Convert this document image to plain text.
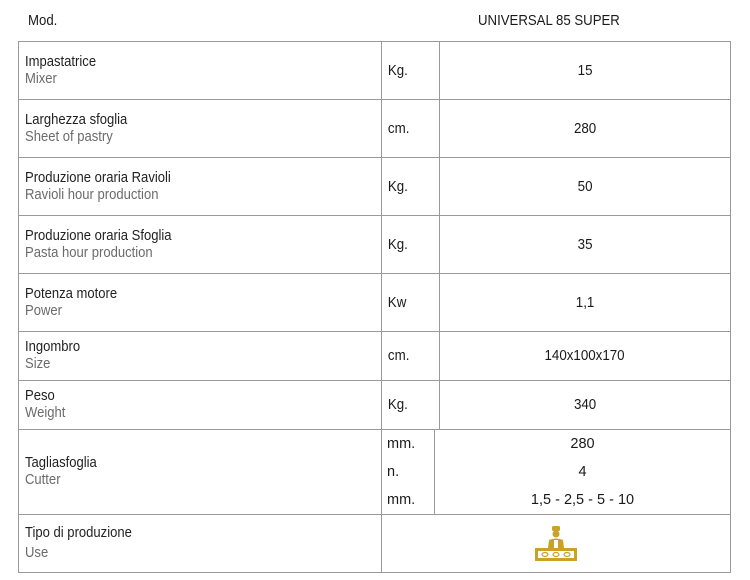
Mod.	UNIVERSAL 85 SUPER
Impastatrice
Mixer	Kg.	15

Larghezza sfoglia
Sheet of pastry	cm.	280

Produzione oraria Ravioli
Ravioli hour production	Kg.	50

Produzione oraria Sfoglia
Pasta hour production	Kg.	35

Potenza motore
Power	Kw	1,1

Ingombro
Size	cm.	140x100x170

Peso
Weight	Kg.	340

Tagliasfoglia
Cutter

mm.	280
n.	4
mm.	1,5 - 2,5 - 5 - 10

Tipo di produzione
Use
